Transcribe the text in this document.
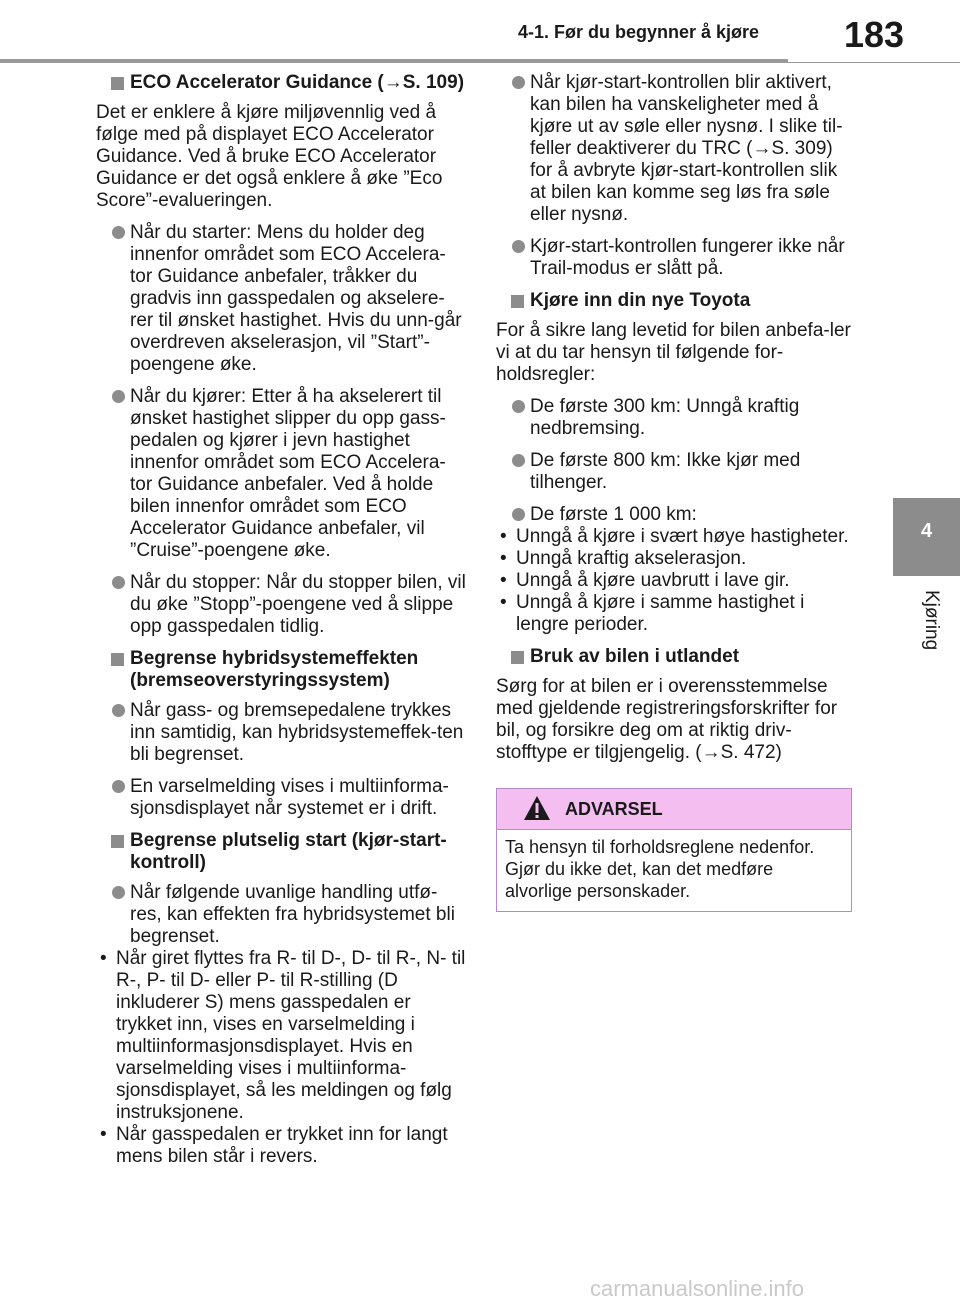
4-1. Før du begynner å kjøre	183
4
Kjøring
ECO Accelerator Guidance (→S. 109)

Det er enklere å kjøre miljøvennlig ved å følge med på displayet ECO Accelerator Guidance. Ved å bruke ECO Accelerator Guidance er det også enklere å øke ”Eco Score”-evalueringen.

Når du starter: Mens du holder deg innenfor området som ECO Accelera-tor Guidance anbefaler, tråkker du gradvis inn gasspedalen og akselere-rer til ønsket hastighet. Hvis du unn-går overdreven akselerasjon, vil ”Start”-poengene øke.
Når du kjører: Etter å ha akselerert til ønsket hastighet slipper du opp gass-pedalen og kjører i jevn hastighet innenfor området som ECO Accelera-tor Guidance anbefaler. Ved å holde bilen innenfor området som ECO Accelerator Guidance anbefaler, vil ”Cruise”-poengene øke.
Når du stopper: Når du stopper bilen, vil du øke ”Stopp”-poengene ved å slippe opp gasspedalen tidlig.
Begrense hybridsystemeffekten (bremseoverstyringssystem)
Når gass- og bremsepedalene trykkes inn samtidig, kan hybridsystemeffek-ten bli begrenset.
En varselmelding vises i multiinforma-sjonsdisplayet når systemet er i drift.
Begrense plutselig start (kjør-start-kontroll)
Når følgende uvanlige handling utfø-res, kan effekten fra hybridsystemet bli begrenset.
• Når giret flyttes fra R- til D-, D- til R-, N- til R-, P- til D- eller P- til R-stilling (D inkluderer S) mens gasspedalen er trykket inn, vises en varselmelding i multiinformasjonsdisplayet. Hvis en varselmelding vises i multiinforma-sjonsdisplayet, så les meldingen og følg instruksjonene.
• Når gasspedalen er trykket inn for langt mens bilen står i revers.
Når kjør-start-kontrollen blir aktivert, kan bilen ha vanskeligheter med å kjøre ut av søle eller nysnø. I slike til-feller deaktiverer du TRC (→S. 309) for å avbryte kjør-start-kontrollen slik at bilen kan komme seg løs fra søle eller nysnø.
Kjør-start-kontrollen fungerer ikke når Trail-modus er slått på.
Kjøre inn din nye Toyota

For å sikre lang levetid for bilen anbefa-ler vi at du tar hensyn til følgende for-holdsregler:

De første 300 km: Unngå kraftig nedbremsing.
De første 800 km: Ikke kjør med tilhenger.
De første 1 000 km:
• Unngå å kjøre i svært høye hastigheter.
• Unngå kraftig akselerasjon.
• Unngå å kjøre uavbrutt i lave gir.
• Unngå å kjøre i samme hastighet i lengre perioder.
Bruk av bilen i utlandet

Sørg for at bilen er i overensstemmelse med gjeldende registreringsforskrifter for bil, og forsikre deg om at riktig driv-stofftype er tilgjengelig. (→S. 472)

ADVARSEL
Ta hensyn til forholdsreglene nedenfor. Gjør du ikke det, kan det medføre alvorlige personskader.
carmanualsonline.info
